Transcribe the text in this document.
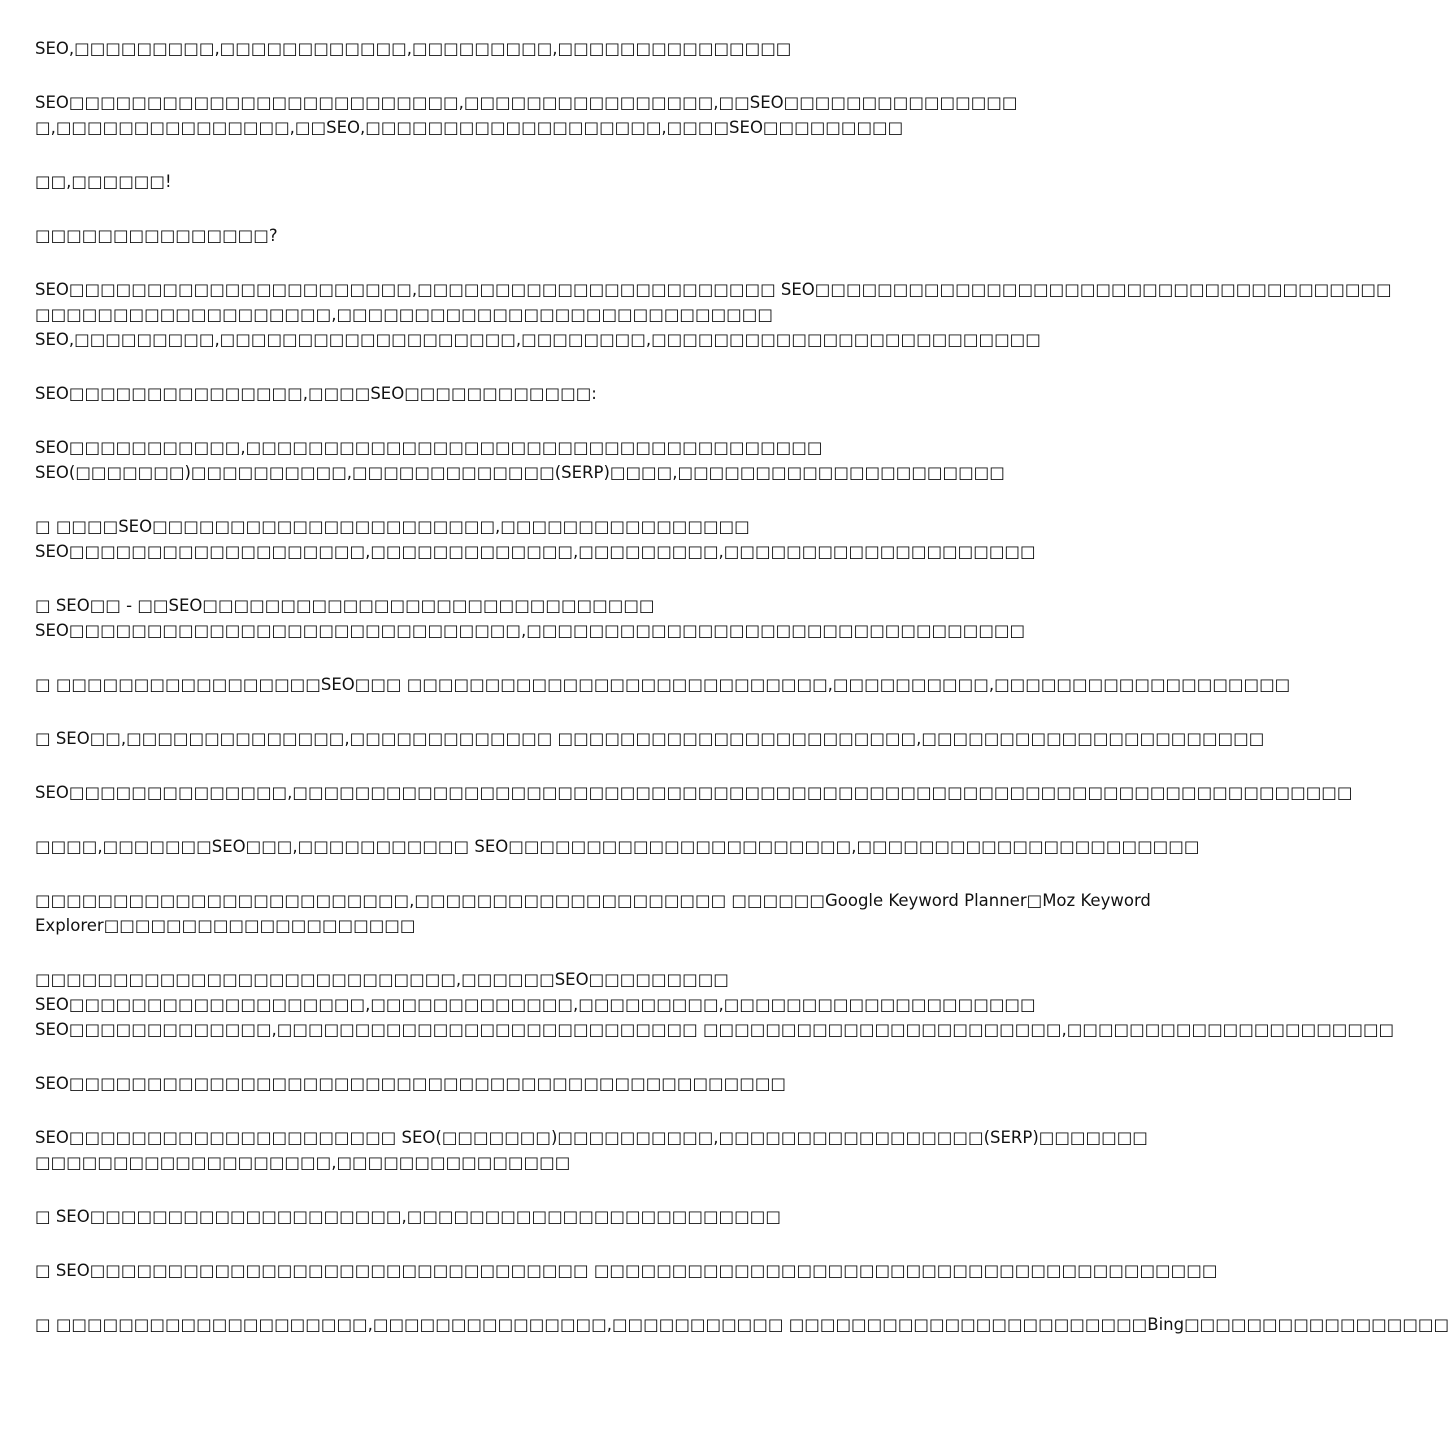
SEO,□□□□□□□□□,□□□□□□□□□□□□,□□□□□□□□□,□□□□□□□□□□□□□□□
SEO□□□□□□□□□□□□□□□□□□□□□□□□□,□□□□□□□□□□□□□□□□,□□SEO□□□□□□□□□□□□□□□
□,□□□□□□□□□□□□□□□,□□SEO,□□□□□□□□□□□□□□□□□□□,□□□□SEO□□□□□□□□□
□□,□□□□□□!
□□□□□□□□□□□□□□□?
SEO□□□□□□□□□□□□□□□□□□□□□□,□□□□□□□□□□□□□□□□□□□□□□□ SEO□□□□□□□□□□□□□□□□□□□□□□□□□□□□□□□□□□□□□
□□□□□□□□□□□□□□□□□□□,□□□□□□□□□□□□□□□□□□□□□□□□□□□□
SEO,□□□□□□□□□,□□□□□□□□□□□□□□□□□□□,□□□□□□□□,□□□□□□□□□□□□□□□□□□□□□□□□□
SEO□□□□□□□□□□□□□□□,□□□□SEO□□□□□□□□□□□□:
SEO□□□□□□□□□□□,□□□□□□□□□□□□□□□□□□□□□□□□□□□□□□□□□□□□□
SEO(□□□□□□□)□□□□□□□□□□,□□□□□□□□□□□□□(SERP)□□□□,□□□□□□□□□□□□□□□□□□□□□
□ □□□□SEO□□□□□□□□□□□□□□□□□□□□□□,□□□□□□□□□□□□□□□□
SEO□□□□□□□□□□□□□□□□□□□,□□□□□□□□□□□□□,□□□□□□□□□,□□□□□□□□□□□□□□□□□□□□
□ SEO□□ - □□SEO□□□□□□□□□□□□□□□□□□□□□□□□□□□□□
SEO□□□□□□□□□□□□□□□□□□□□□□□□□□□□□,□□□□□□□□□□□□□□□□□□□□□□□□□□□□□□□□
□ □□□□□□□□□□□□□□□□□SEO□□□ □□□□□□□□□□□□□□□□□□□□□□□□□□□,□□□□□□□□□□,□□□□□□□□□□□□□□□□□□□
□ SEO□□,□□□□□□□□□□□□□□,□□□□□□□□□□□□□ □□□□□□□□□□□□□□□□□□□□□□□,□□□□□□□□□□□□□□□□□□□□□□
SEO□□□□□□□□□□□□□□,□□□□□□□□□□□□□□□□□□□□□□□□□□□□□□□□□□□□□□□□□□□□□□□□□□□□□□□□□□□□□□□□□□□□
□□□□,□□□□□□□SEO□□□,□□□□□□□□□□□ SEO□□□□□□□□□□□□□□□□□□□□□□,□□□□□□□□□□□□□□□□□□□□□□
□□□□□□□□□□□□□□□□□□□□□□□□,□□□□□□□□□□□□□□□□□□□□ □□□□□□Google Keyword Planner□Moz Keyword
Explorer□□□□□□□□□□□□□□□□□□□□
□□□□□□□□□□□□□□□□□□□□□□□□□□□,□□□□□□SEO□□□□□□□□□
SEO□□□□□□□□□□□□□□□□□□□,□□□□□□□□□□□□□,□□□□□□□□□,□□□□□□□□□□□□□□□□□□□□
SEO□□□□□□□□□□□□□,□□□□□□□□□□□□□□□□□□□□□□□□□□□ □□□□□□□□□□□□□□□□□□□□□□□,□□□□□□□□□□□□□□□□□□□□□
SEO□□□□□□□□□□□□□□□□□□□□□□□□□□□□□□□□□□□□□□□□□□□□□□
SEO□□□□□□□□□□□□□□□□□□□□□ SEO(□□□□□□□)□□□□□□□□□□,□□□□□□□□□□□□□□□□□(SERP)□□□□□□□
□□□□□□□□□□□□□□□□□□□,□□□□□□□□□□□□□□□
□ SEO□□□□□□□□□□□□□□□□□□□□,□□□□□□□□□□□□□□□□□□□□□□□□
□ SEO□□□□□□□□□□□□□□□□□□□□□□□□□□□□□□□□ □□□□□□□□□□□□□□□□□□□□□□□□□□□□□□□□□□□□□□□□
□ □□□□□□□□□□□□□□□□□□□□,□□□□□□□□□□□□□□□,□□□□□□□□□□□ □□□□□□□□□□□□□□□□□□□□□□□Bing□□□□□□□□□□□□□□□□□
